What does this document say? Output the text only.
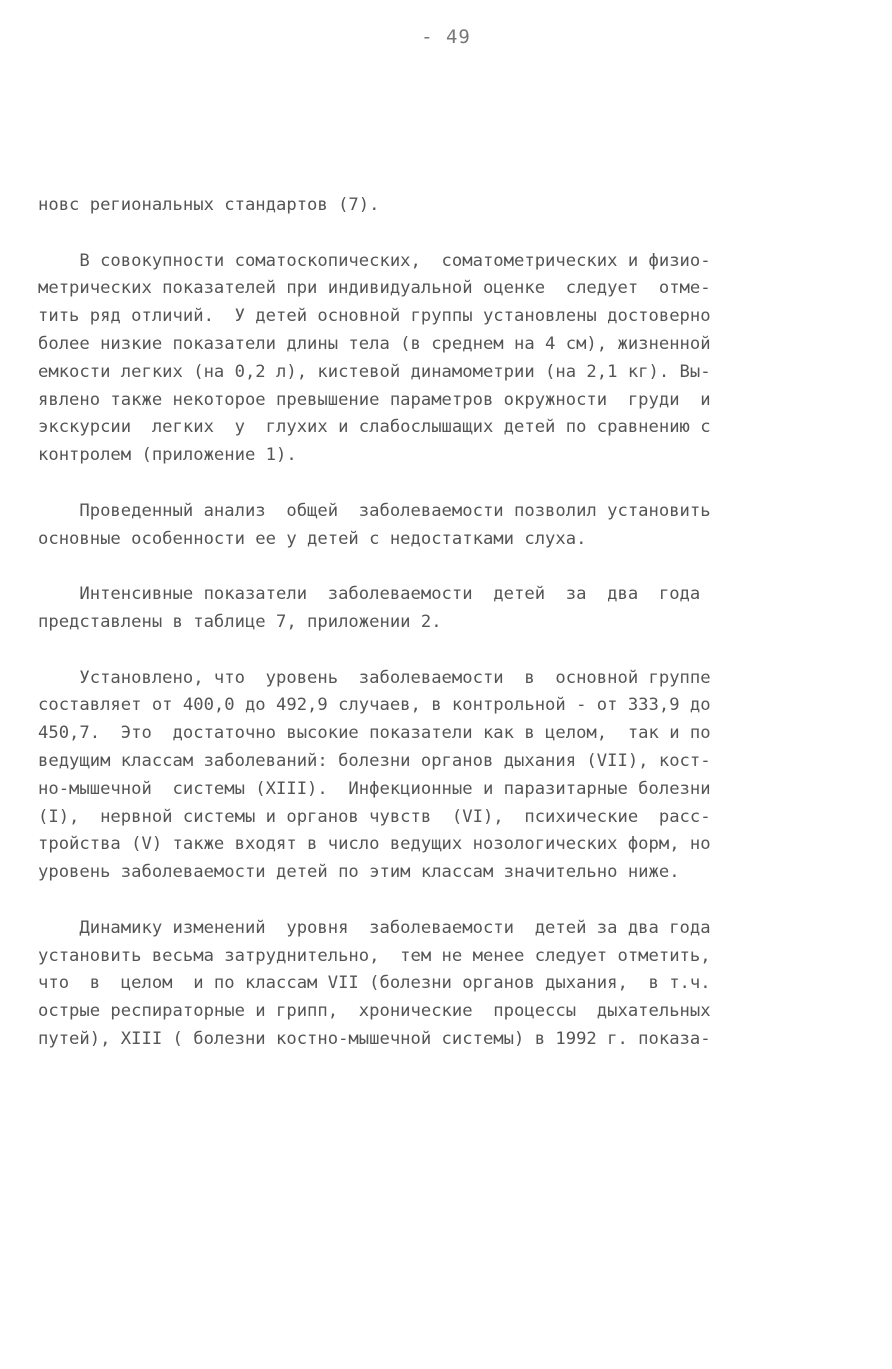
- 49
новс региональных стандартов (7).
В совокупности соматоскопических,  соматометрических и физио-
метрических показателей при индивидуальной оценке  следует  отме-
тить ряд отличий.  У детей основной группы установлены достоверно
более низкие показатели длины тела (в среднем на 4 см), жизненной
емкости легких (на 0,2 л), кистевой динамометрии (на 2,1 кг). Вы-
явлено также некоторое превышение параметров окружности  груди  и
экскурсии  легких  у  глухих и слабослышащих детей по сравнению с
контролем (приложение 1).
Проведенный анализ  общей  заболеваемости позволил установить
основные особенности ее у детей с недостатками слуха.
Интенсивные показатели  заболеваемости  детей  за  два  года
представлены в таблице 7, приложении 2.
Установлено, что  уровень  заболеваемости  в  основной группе
составляет от 400,0 до 492,9 случаев, в контрольной - от 333,9 до
450,7.  Это  достаточно высокие показатели как в целом,  так и по
ведущим классам заболеваний: болезни органов дыхания (VII), кост-
но-мышечной  системы (XIII).  Инфекционные и паразитарные болезни
(I),  нервной системы и органов чувств  (VI),  психические  расс-
тройства (V) также входят в число ведущих нозологических форм, но
уровень заболеваемости детей по этим классам значительно ниже.
Динамику изменений  уровня  заболеваемости  детей за два года
установить весьма затруднительно,  тем не менее следует отметить,
что  в  целом  и по классам VII (болезни органов дыхания,  в т.ч.
острые респираторные и грипп,  хронические  процессы  дыхательных
путей), XIII ( болезни костно-мышечной системы) в 1992 г. показа-
